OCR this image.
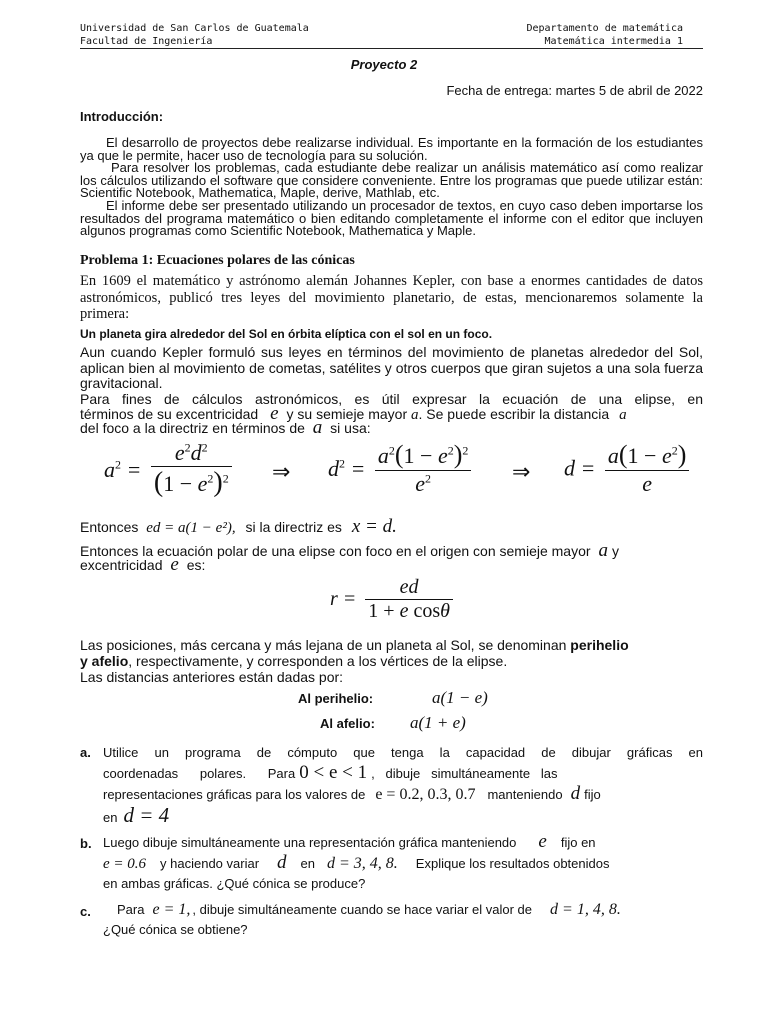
Universidad de San Carlos de Guatemala
Facultad de Ingeniería
Departamento de matemática
Matemática intermedia 1
Proyecto 2
Fecha de entrega: martes 5 de abril de 2022
Introducción:
El desarrollo de proyectos debe realizarse individual. Es importante en la formación de los estudiantes ya que le permite, hacer uso de tecnología para su solución.
Para resolver los problemas, cada estudiante debe realizar un análisis matemático así como realizar los cálculos utilizando el software que considere conveniente. Entre los programas que puede utilizar están: Scientific Notebook, Mathematica, Maple, derive, Mathlab, etc.
El informe debe ser presentado utilizando un procesador de textos, en cuyo caso deben importarse los resultados del programa matemático o bien editando completamente el informe con el editor que incluyen algunos programas como Scientific Notebook, Mathematica y Maple.
Problema 1: Ecuaciones polares de las cónicas
En 1609 el matemático y astrónomo alemán Johannes Kepler, con base a enormes cantidades de datos astronómicos, publicó tres leyes del movimiento planetario, de estas, mencionaremos solamente la primera:
Un planeta gira alrededor del Sol en órbita elíptica con el sol en un foco.
Aun cuando Kepler formuló sus leyes en términos del movimiento de planetas alrededor del Sol, aplican bien al movimiento de cometas, satélites y otros cuerpos que giran sujetos a una sola fuerza gravitacional.
Para fines de cálculos astronómicos, es útil expresar la ecuación de una elipse, en
términos de su excentricidad e y su semieje mayor a. Se puede escribir la distancia a
del foco a la directriz en términos de a si usa:
$a^2 = \frac{e^2d^2}{(1 - e^2)^2}$ ⇒ $d^2 = \frac{a^2(1 - e^2)^2}{e^2}$ ⇒ $d = \frac{a(1 - e^2)}{e}$
Entonces ed = a(1 − e²), si la directriz es x = d.
Entonces la ecuación polar de una elipse con foco en el origen con semieje mayor a y
excentricidad e es:
$r = \frac{ed}{\text{1 + e cosθ}}$
Las posiciones, más cercana y más lejana de un planeta al Sol, se denominan perihelio
y afelio, respectivamente, y corresponden a los vértices de la elipse.
Las distancias anteriores están dadas por:
Al perihelio:	a(1 − e)
Al afelio: a(1 + e)
a. Utilice un programa de cómputo que tenga la capacidad de dibujar gráficas en
coordenadas      polares.      Para 0 < e < 1 ,   dibuje   simultáneamente   las
representaciones gráficas para los valores de e = 0.2, 0.3, 0.7 manteniendo d fijo
en d = 4
b. Luego dibuje simultáneamente una representación gráfica manteniendo e fijo en
e = 0.6 y haciendo variar d en d = 3, 4, 8. Explique los resultados obtenidos
en ambas gráficas. ¿Qué cónica se produce?
c.	Para e = 1, , dibuje simultáneamente cuando se hace variar el valor de d = 1, 4, 8.
¿Qué cónica se obtiene?
